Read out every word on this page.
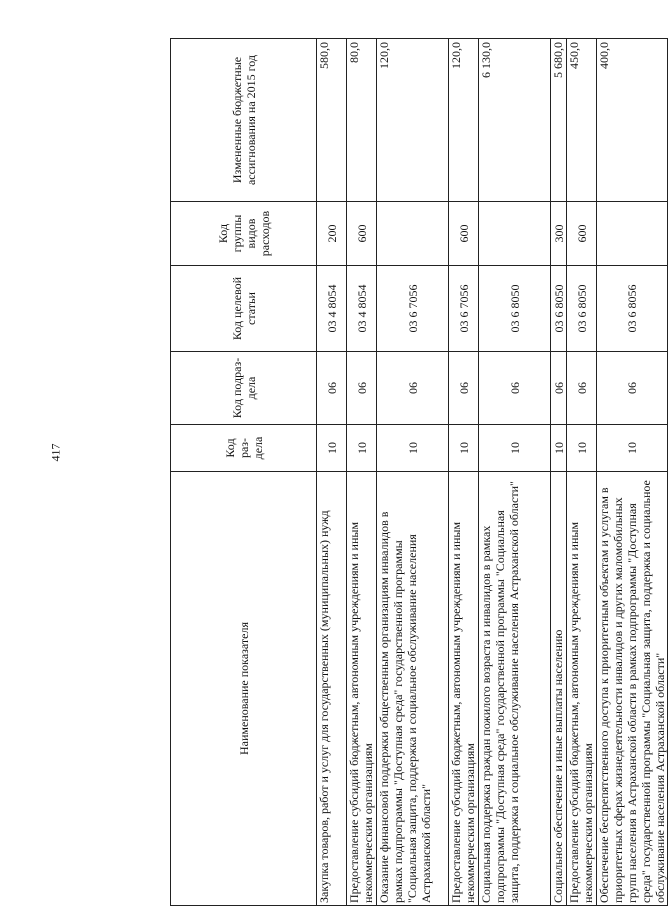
417
Наименование показателя	Код раз-дела	Код подраз-дела	Код целевой статьи	Код группы видов расходов	Измененные бюджетные ассигнования на 2015 год
Закупка товаров, работ и услуг для государственных (муниципальных) нужд	10	06	03 4 8054	200	580,0
Предоставление субсидий бюджетным, автономным учреждениям и иным некоммерческим организациям	10	06	03 4 8054	600	80,0
Оказание финансовой поддержки общественным организациям инвалидов в рамках подпрограммы "Доступная среда" государственной программы "Социальная защита, поддержка и социальное обслуживание населения Астраханской области"	10	06	03 6 7056		120,0
Предоставление субсидий бюджетным, автономным учреждениям и иным некоммерческим организациям	10	06	03 6 7056	600	120,0
Социальная поддержка граждан пожилого возраста и инвалидов в рамках подпрограммы "Доступная среда" государственной программы "Социальная защита, поддержка и социальное обслуживание населения Астраханской области"	10	06	03 6 8050		6 130,0
Социальное обеспечение и иные выплаты населению	10	06	03 6 8050	300	5 680,0
Предоставление субсидий бюджетным, автономным учреждениям и иным некоммерческим организациям	10	06	03 6 8050	600	450,0
Обеспечение беспрепятственного доступа к приоритетным объектам и услугам в приоритетных сферах жизнедеятельности инвалидов и других маломобильных групп населения в Астраханской области в рамках подпрограммы "Доступная среда" государственной программы "Социальная защита, поддержка и социальное обслуживание населения Астраханской области"	10	06	03 6 8056		400,0
